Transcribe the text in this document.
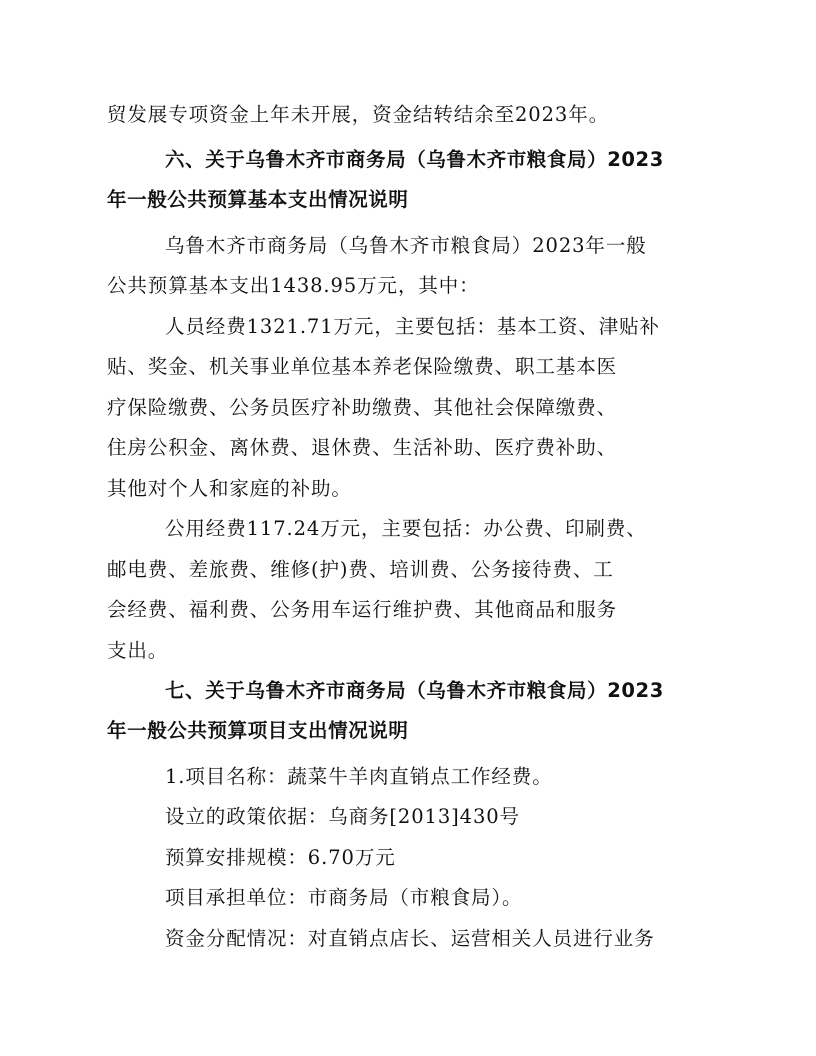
贸发展专项资金上年未开展，资金结转结余至2023年。
六、关于乌鲁木齐市商务局（乌鲁木齐市粮食局）2023
年一般公共预算基本支出情况说明
乌鲁木齐市商务局（乌鲁木齐市粮食局）2023年一般
公共预算基本支出1438.95万元，其中：
人员经费1321.71万元，主要包括：基本工资、津贴补
贴、奖金、机关事业单位基本养老保险缴费、职工基本医
疗保险缴费、公务员医疗补助缴费、其他社会保障缴费、
住房公积金、离休费、退休费、生活补助、医疗费补助、
其他对个人和家庭的补助。
公用经费117.24万元，主要包括：办公费、印刷费、
邮电费、差旅费、维修(护)费、培训费、公务接待费、工
会经费、福利费、公务用车运行维护费、其他商品和服务
支出。
七、关于乌鲁木齐市商务局（乌鲁木齐市粮食局）2023
年一般公共预算项目支出情况说明
1.项目名称：蔬菜牛羊肉直销点工作经费。
设立的政策依据：乌商务[2013]430号
预算安排规模：6.70万元
项目承担单位：市商务局（市粮食局）。
资金分配情况：对直销点店长、运营相关人员进行业务
